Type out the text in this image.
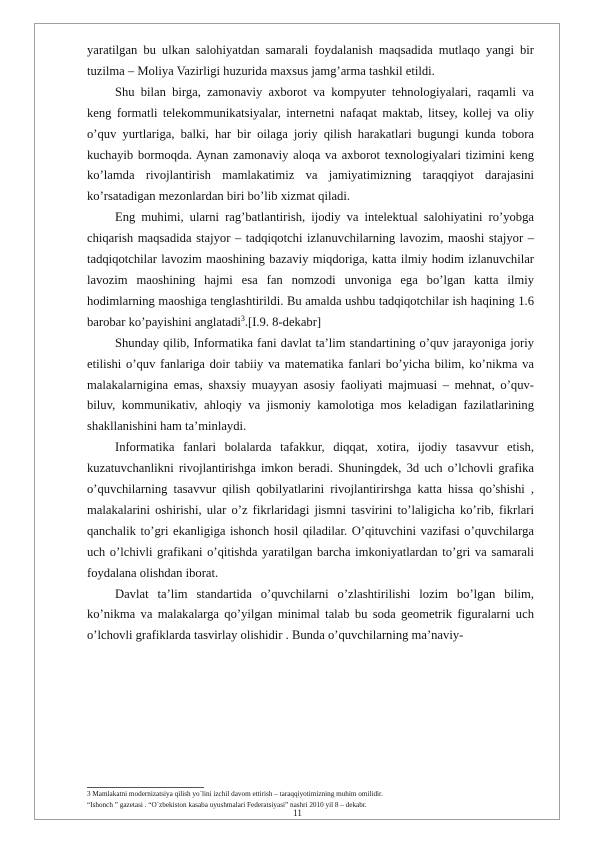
yaratilgan bu ulkan salohiyatdan samarali foydalanish maqsadida mutlaqo yangi bir tuzilma – Moliya Vazirligi huzurida maxsus jamg’arma tashkil etildi.

Shu bilan birga, zamonaviy axborot va kompyuter tehnologiyalari, raqamli va keng formatli telekommunikatsiyalar, internetni nafaqat maktab, litsey, kollej va oliy o’quv yurtlariga, balki, har bir oilaga joriy qilish harakatlari bugungi kunda tobora kuchayib bormoqda. Aynan zamonaviy aloqa va axborot texnologiyalari tizimini keng ko’lamda rivojlantirish mamlakatimiz va jamiyatimizning taraqqiyot darajasini ko’rsatadigan mezonlardan biri bo’lib xizmat qiladi.

Eng muhimi, ularni rag’batlantirish, ijodiy va intelektual salohiyatini ro’yobga chiqarish maqsadida stajyor – tadqiqotchi izlanuvchilarning lavozim, maoshi stajyor – tadqiqotchilar lavozim maoshining bazaviy miqdoriga, katta ilmiy hodim izlanuvchilar lavozim maoshining hajmi esa fan nomzodi unvoniga ega bo’lgan katta ilmiy hodimlarning maoshiga tenglashtirildi. Bu amalda ushbu tadqiqotchilar ish haqining 1.6 barobar ko’payishini anglatadi$^3$.[I.9. 8-dekabr]

Shunday qilib, Informatika fani davlat ta’lim standartining o’quv jarayoniga joriy etilishi o’quv fanlariga doir tabiiy va matematika fanlari bo’yicha bilim, ko’nikma va malakalarnigina emas, shaxsiy muayyan asosiy faoliyati majmuasi – mehnat, o’quv-biluv, kommunikativ, ahloqiy va jismoniy kamolotiga mos keladigan fazilatlarining shakllanishini ham ta’minlaydi.

Informatika fanlari bolalarda tafakkur, diqqat, xotira, ijodiy tasavvur etish, kuzatuvchanlikni rivojlantirishga imkon beradi. Shuningdek, 3d uch o’lchovli grafika o’quvchilarning tasavvur qilish qobilyatlarini rivojlantirirshga katta hissa qo’shishi , malakalarini oshirishi, ular o’z fikrlaridagi jismni tasvirini to’laligicha ko’rib, fikrlari qanchalik to’gri ekanligiga ishonch hosil qiladilar. O’qituvchini vazifasi o’quvchilarga uch o’lchivli grafikani o’qitishda yaratilgan barcha imkoniyatlardan to’gri va samarali foydalana olishdan iborat.

Davlat ta’lim standartida o’quvchilarni o’zlashtirilishi lozim bo’lgan bilim, ko’nikma va malakalarga qo’yilgan minimal talab bu soda geometrik figuralarni uch o’lchovli grafiklarda tasvirlay olishidir . Bunda o’quvchilarning ma’naviy-

3 Mamlakatni modernizatsiya qilish yo`lini izchil davom ettirish – taraqqiyotimizning muhim omilidir.

“Ishonch ” gazetasi . “O`zbekiston kasaba uyushmalari Federatsiyasi” nashri 2010 yil 8 – dekabr.

11
